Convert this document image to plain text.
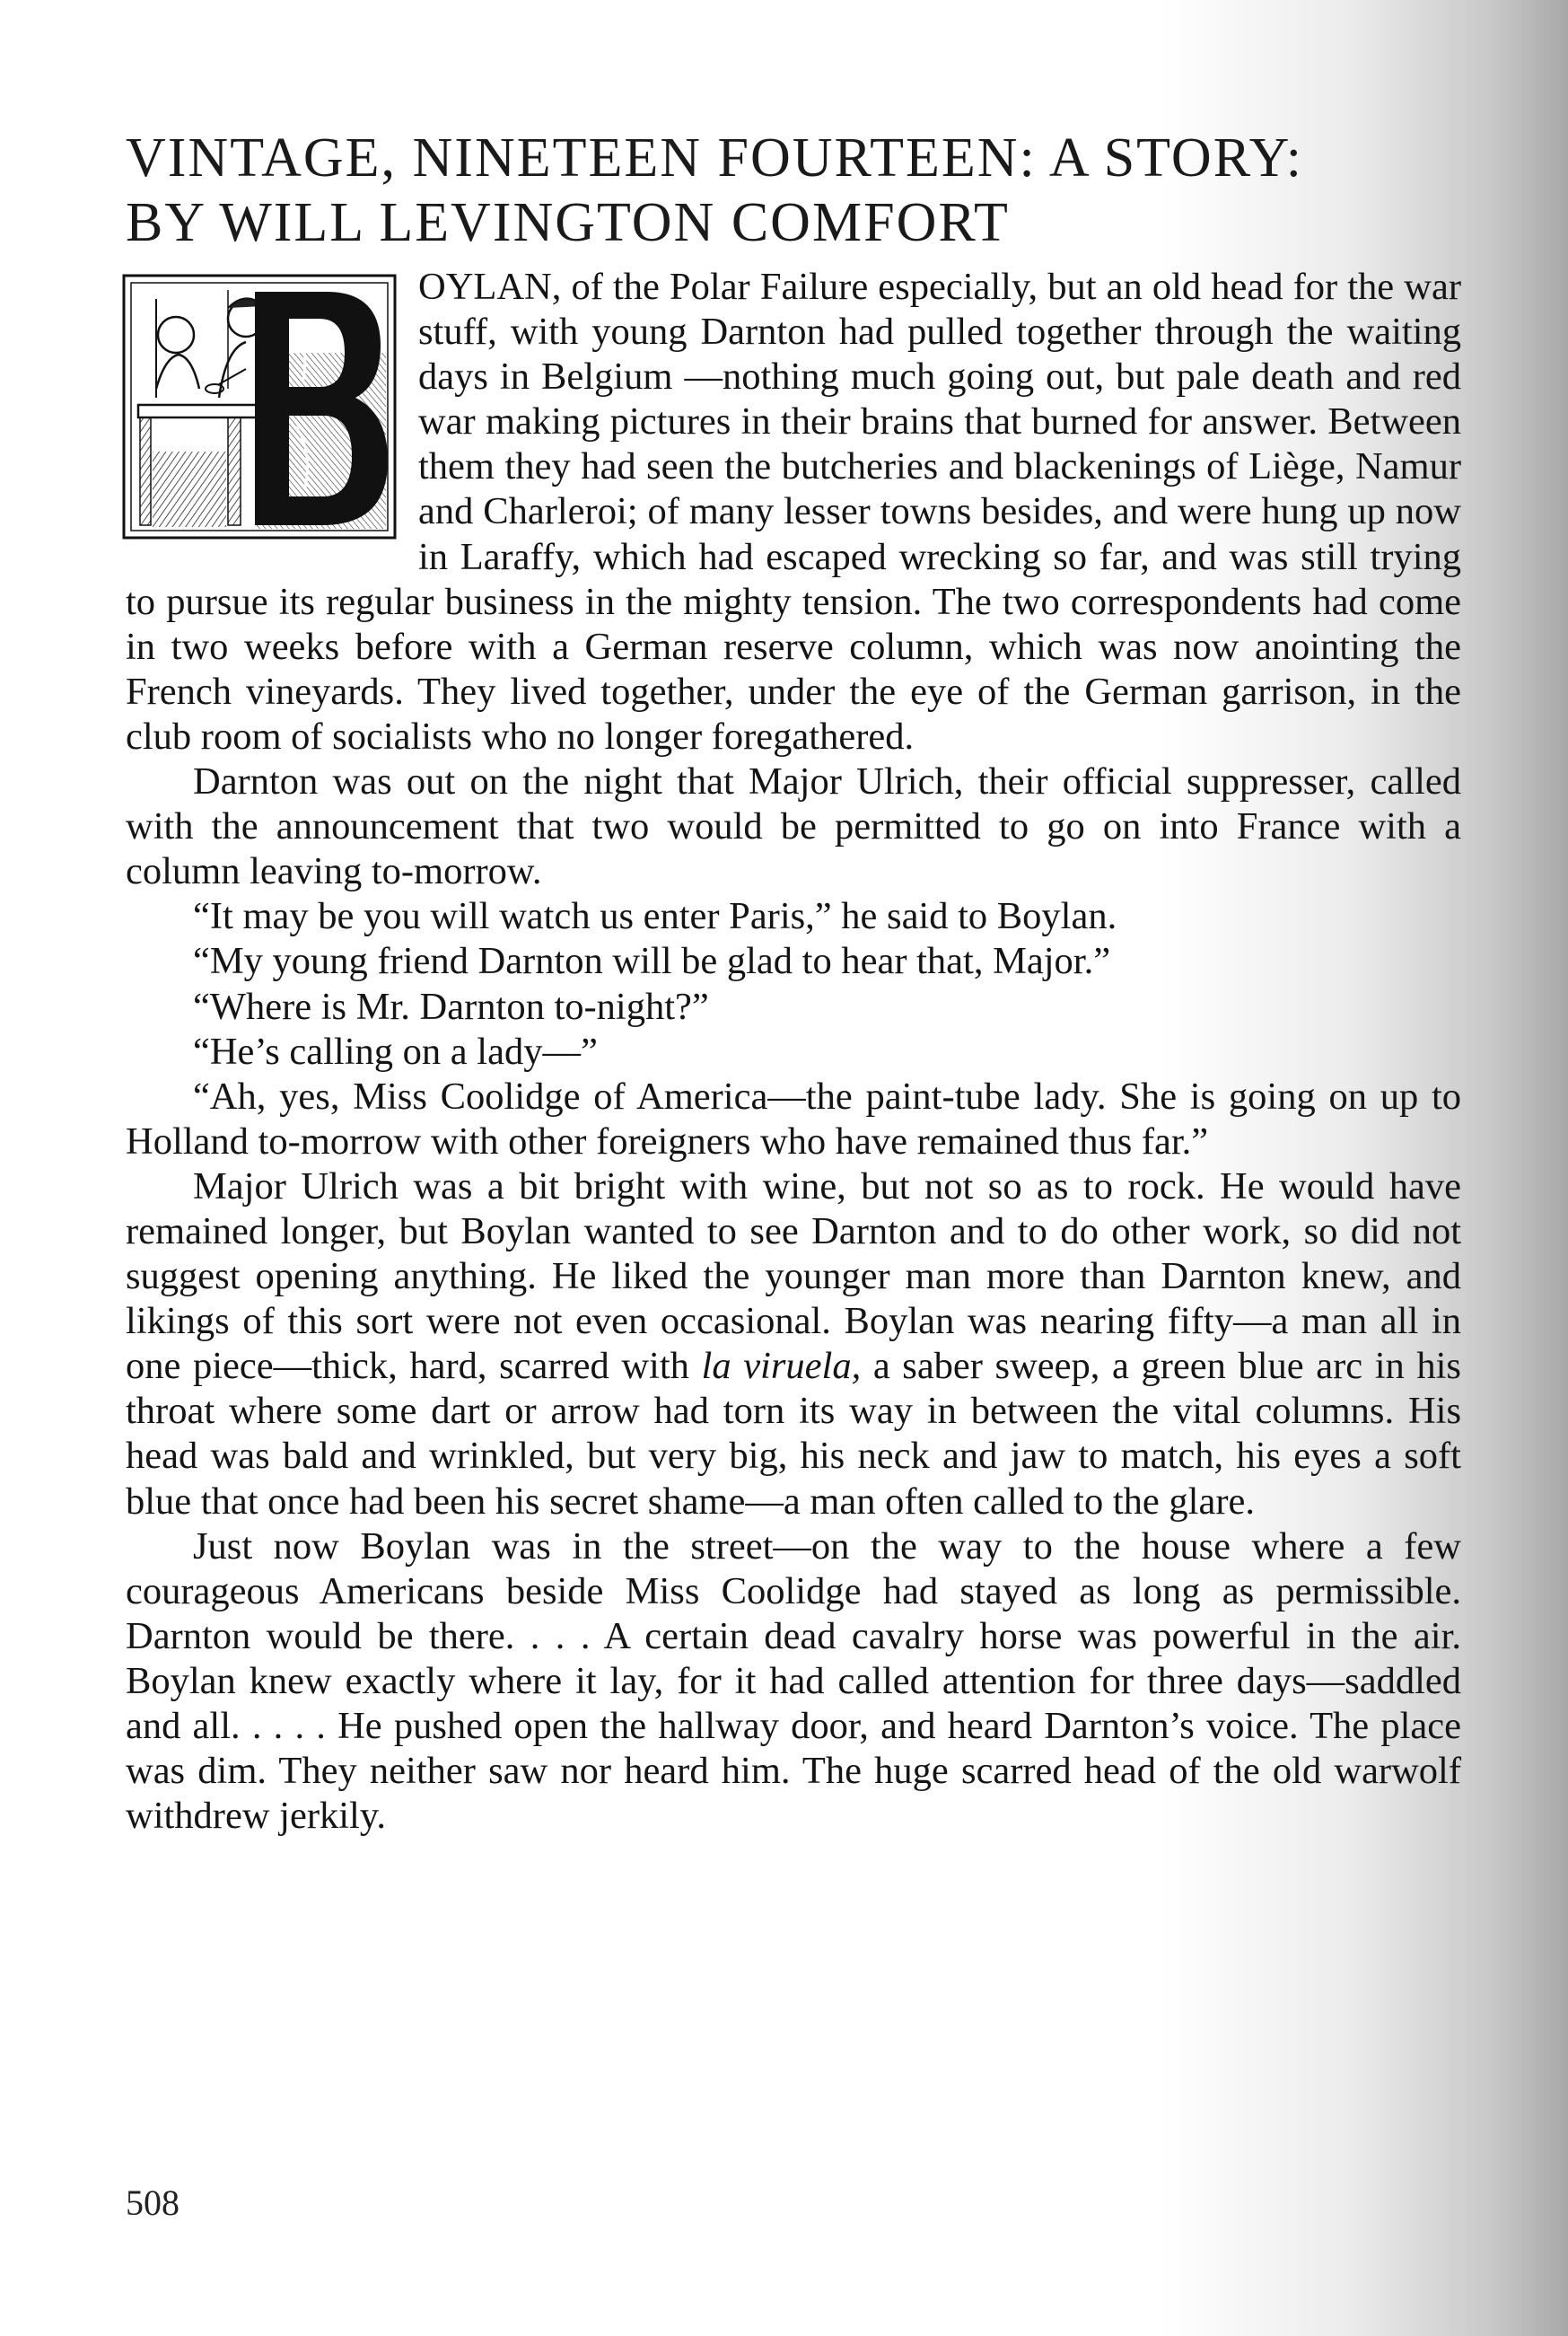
VINTAGE, NINETEEN FOURTEEN: A STORY:
BY WILL LEVINGTON COMFORT

OYLAN, of the Polar Failure especially, but an old head for the war stuff, with young Darnton had pulled together through the waiting days in Belgium —nothing much going out, but pale death and red war making pictures in their brains that burned for answer. Between them they had seen the butcheries and blackenings of Liège, Namur and Charleroi; of many lesser towns besides, and were hung up now in Laraffy, which had escaped wrecking so far, and was still trying to pursue its regular business in the mighty tension. The two correspondents had come in two weeks before with a German reserve column, which was now anointing the French vineyards. They lived together, under the eye of the German garrison, in the club room of socialists who no longer foregathered.

Darnton was out on the night that Major Ulrich, their official suppresser, called with the announcement that two would be permitted to go on into France with a column leaving to-morrow.

“It may be you will watch us enter Paris,” he said to Boylan.

“My young friend Darnton will be glad to hear that, Major.”

“Where is Mr. Darnton to-night?”

“He’s calling on a lady—”

“Ah, yes, Miss Coolidge of America—the paint-tube lady. She is going on up to Holland to-morrow with other foreigners who have remained thus far.”

Major Ulrich was a bit bright with wine, but not so as to rock. He would have remained longer, but Boylan wanted to see Darnton and to do other work, so did not suggest opening anything. He liked the younger man more than Darnton knew, and likings of this sort were not even occasional. Boylan was nearing fifty—a man all in one piece—thick, hard, scarred with la viruela, a saber sweep, a green blue arc in his throat where some dart or arrow had torn its way in between the vital columns. His head was bald and wrinkled, but very big, his neck and jaw to match, his eyes a soft blue that once had been his secret shame—a man often called to the glare.

Just now Boylan was in the street—on the way to the house where a few courageous Americans beside Miss Coolidge had stayed as long as permissible. Darnton would be there. . . . A certain dead cavalry horse was powerful in the air. Boylan knew exactly where it lay, for it had called attention for three days—saddled and all. . . . . He pushed open the hallway door, and heard Darnton’s voice. The place was dim. They neither saw nor heard him. The huge scarred head of the old warwolf withdrew jerkily.

508
